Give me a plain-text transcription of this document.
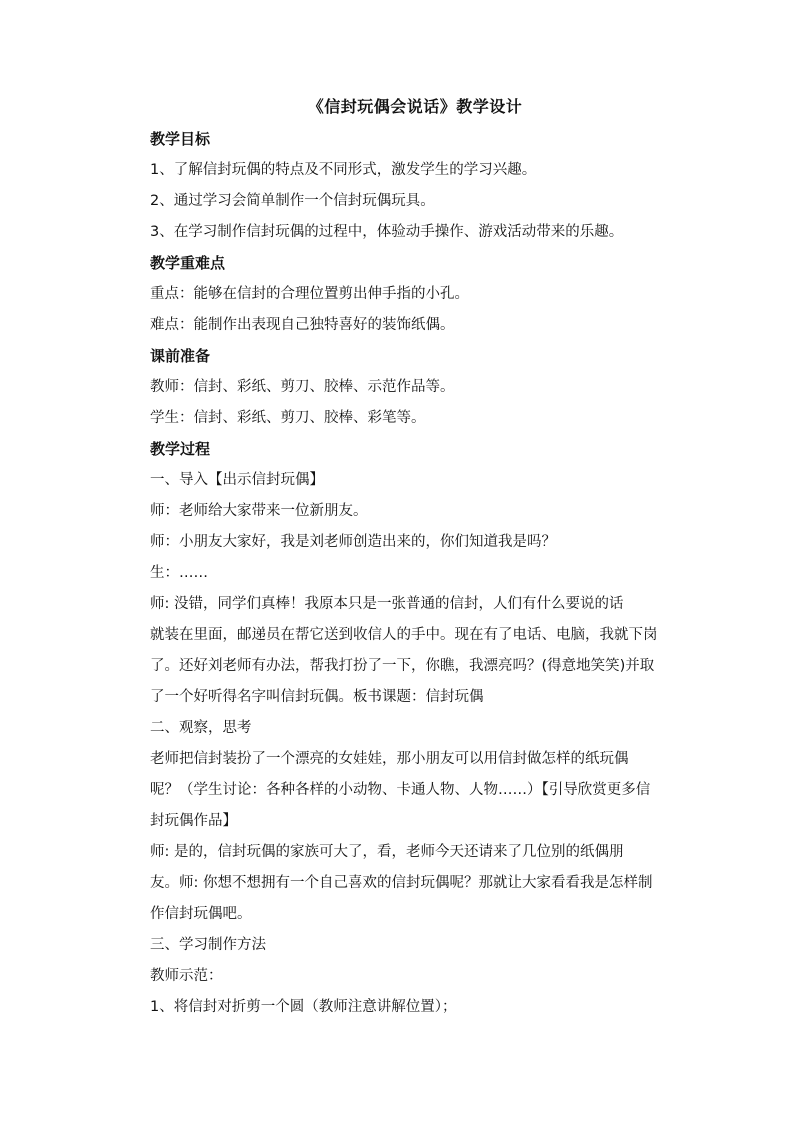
《信封玩偶会说话》教学设计
教学目标
1、了解信封玩偶的特点及不同形式，激发学生的学习兴趣。
2、通过学习会简单制作一个信封玩偶玩具。
3、在学习制作信封玩偶的过程中，体验动手操作、游戏活动带来的乐趣。
教学重难点
重点：能够在信封的合理位置剪出伸手指的小孔。
难点：能制作出表现自己独特喜好的装饰纸偶。
课前准备
教师：信封、彩纸、剪刀、胶棒、示范作品等。
学生：信封、彩纸、剪刀、胶棒、彩笔等。
教学过程
一、导入【出示信封玩偶】
师：老师给大家带来一位新朋友。
师：小朋友大家好，我是刘老师创造出来的，你们知道我是吗？
生：……
师: 没错，同学们真棒！我原本只是一张普通的信封，人们有什么要说的话
就装在里面，邮递员在帮它送到收信人的手中。现在有了电话、电脑，我就下岗
了。还好刘老师有办法，帮我打扮了一下，你瞧，我漂亮吗？(得意地笑笑)并取
了一个好听得名字叫信封玩偶。板书课题：信封玩偶
二、观察，思考
老师把信封装扮了一个漂亮的女娃娃，那小朋友可以用信封做怎样的纸玩偶
呢？（学生讨论：各种各样的小动物、卡通人物、人物……）【引导欣赏更多信
封玩偶作品】
师: 是的，信封玩偶的家族可大了，看，老师今天还请来了几位别的纸偶朋
友。师: 你想不想拥有一个自己喜欢的信封玩偶呢？那就让大家看看我是怎样制
作信封玩偶吧。
三、学习制作方法
教师示范：
1、将信封对折剪一个圆（教师注意讲解位置）；
